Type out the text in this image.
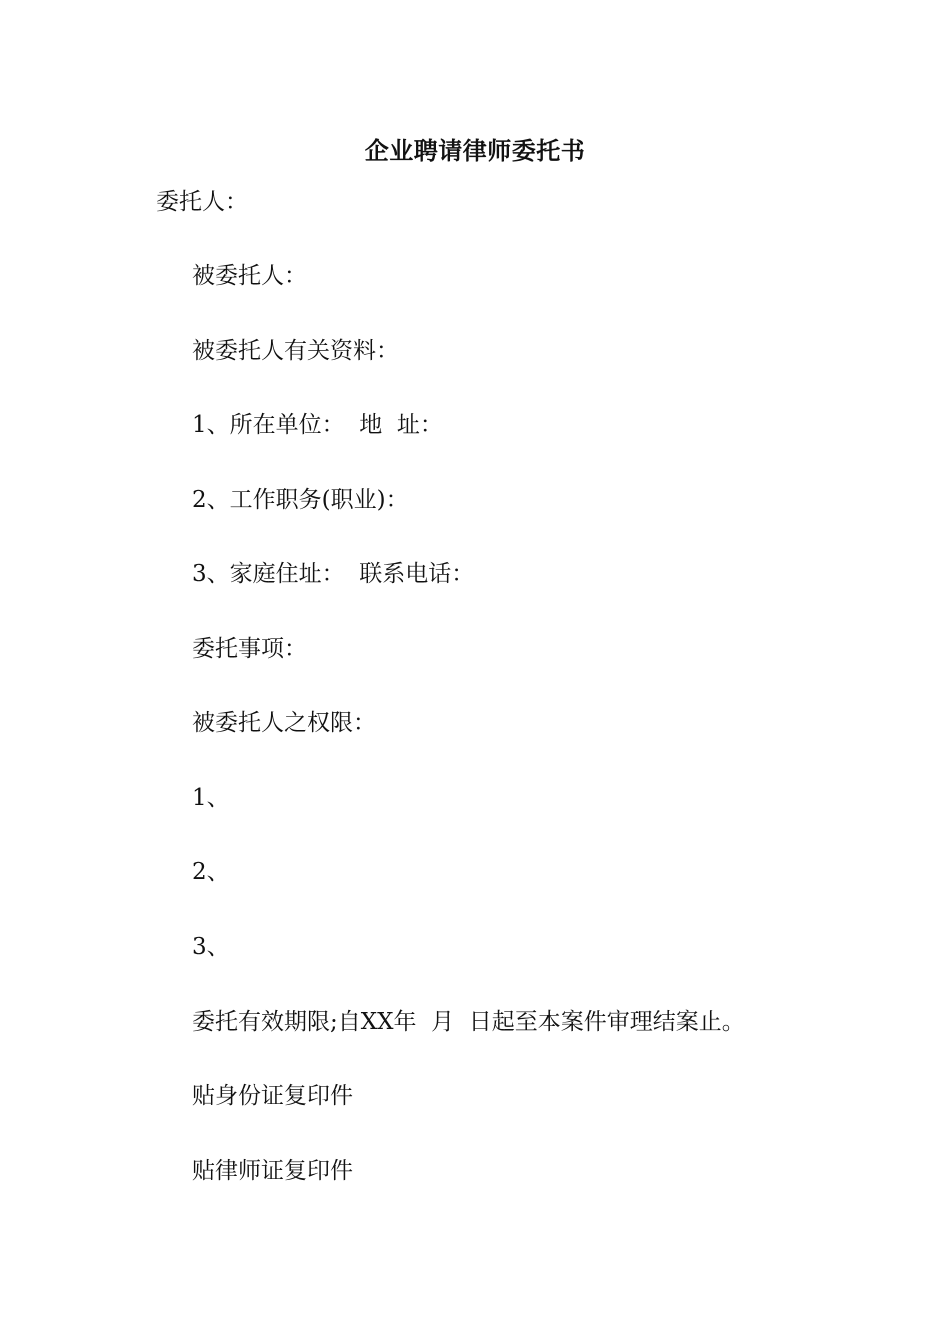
企业聘请律师委托书
委托人：
被委托人：
被委托人有关资料：
1、所在单位：  地  址：
2、工作职务(职业)：
3、家庭住址：  联系电话：
委托事项：
被委托人之权限：
1、
2、
3、
委托有效期限;自XX年  月  日起至本案件审理结案止。
贴身份证复印件
贴律师证复印件
